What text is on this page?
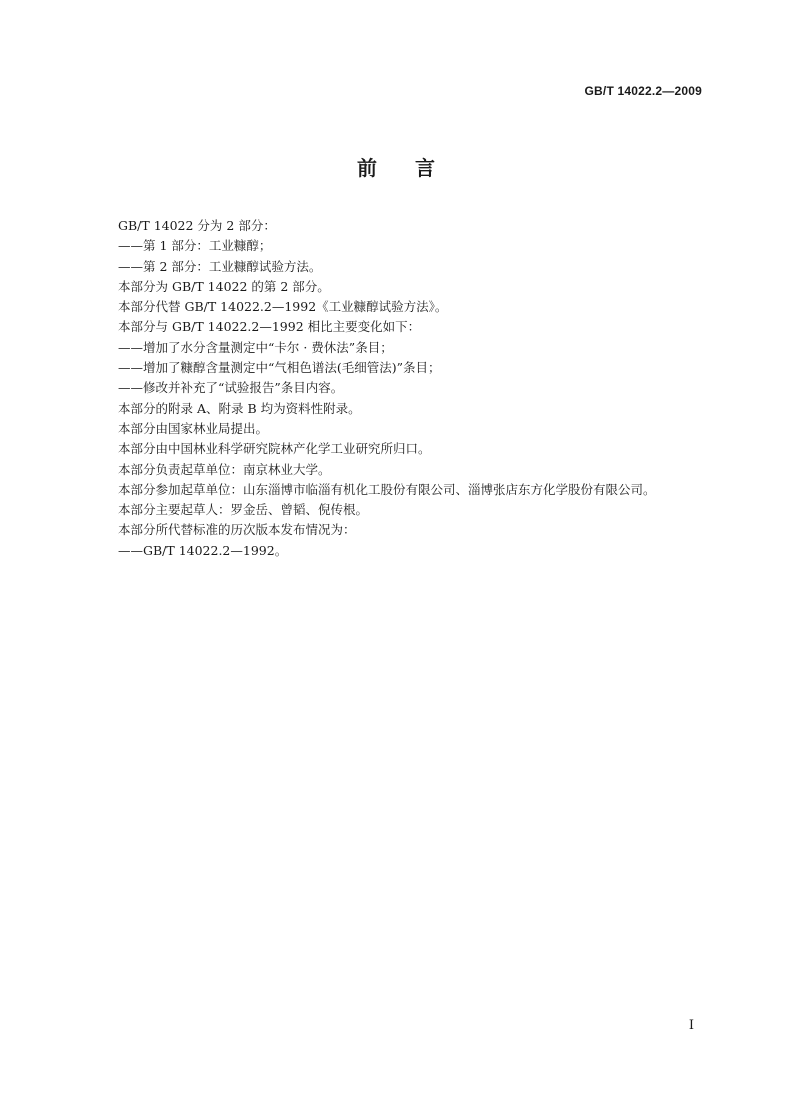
GB/T 14022.2—2009
前 言
GB/T 14022 分为 2 部分：
——第 1 部分：工业糠醇；
——第 2 部分：工业糠醇试验方法。
本部分为 GB/T 14022 的第 2 部分。
本部分代替 GB/T 14022.2—1992《工业糠醇试验方法》。
本部分与 GB/T 14022.2—1992 相比主要变化如下：
——增加了水分含量测定中“卡尔 · 费休法”条目；
——增加了糠醇含量测定中“气相色谱法(毛细管法)”条目；
——修改并补充了“试验报告”条目内容。
本部分的附录 A、附录 B 均为资料性附录。
本部分由国家林业局提出。
本部分由中国林业科学研究院林产化学工业研究所归口。
本部分负责起草单位：南京林业大学。
本部分参加起草单位：山东淄博市临淄有机化工股份有限公司、淄博张店东方化学股份有限公司。
本部分主要起草人：罗金岳、曾韬、倪传根。
本部分所代替标准的历次版本发布情况为：
——GB/T 14022.2—1992。
I
